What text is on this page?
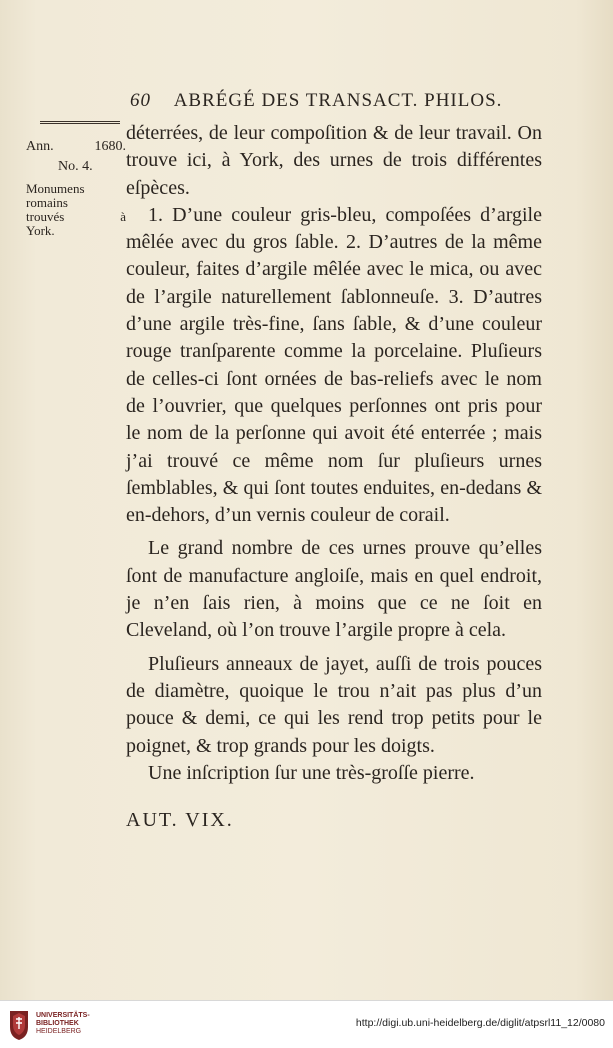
60 ABRÉGÉ DES TRANSACT. PHILOS.
Ann.	1680.
No. 4.
Monumens
romains
trouvés	à
York.

déterrées, de leur compoſition & de leur travail. On trouve ici, à York, des urnes de trois différentes eſpèces.

1. D’une couleur gris-bleu, compoſées d’argile mêlée avec du gros ſable. 2. D’autres de la même couleur, faites d’argile mêlée avec le mica, ou avec de l’argile naturellement ſablonneuſe. 3. D’autres d’une argile très-fine, ſans ſable, & d’une couleur rouge tranſparente comme la porcelaine. Pluſieurs de celles-ci ſont ornées de bas-reliefs avec le nom de l’ouvrier, que quelques perſonnes ont pris pour le nom de la perſonne qui avoit été enterrée ; mais j’ai trouvé ce même nom ſur pluſieurs urnes ſemblables, & qui ſont toutes enduites, en-dedans & en-dehors, d’un vernis couleur de corail.

Le grand nombre de ces urnes prouve qu’elles ſont de manufacture angloiſe, mais en quel endroit, je n’en ſais rien, à moins que ce ne ſoit en Cleveland, où l’on trouve l’argile propre à cela.

Pluſieurs anneaux de jayet, auſſi de trois pouces de diamètre, quoique le trou n’ait pas plus d’un pouce & demi, ce qui les rend trop petits pour le poignet, & trop grands pour les doigts.

Une inſcription ſur une très-groſſe pierre.

AUT. VIX.
UNIVERSITÄTS-
BIBLIOTHEK
HEIDELBERG
http://digi.ub.uni-heidelberg.de/diglit/atpsrl11_12/0080
